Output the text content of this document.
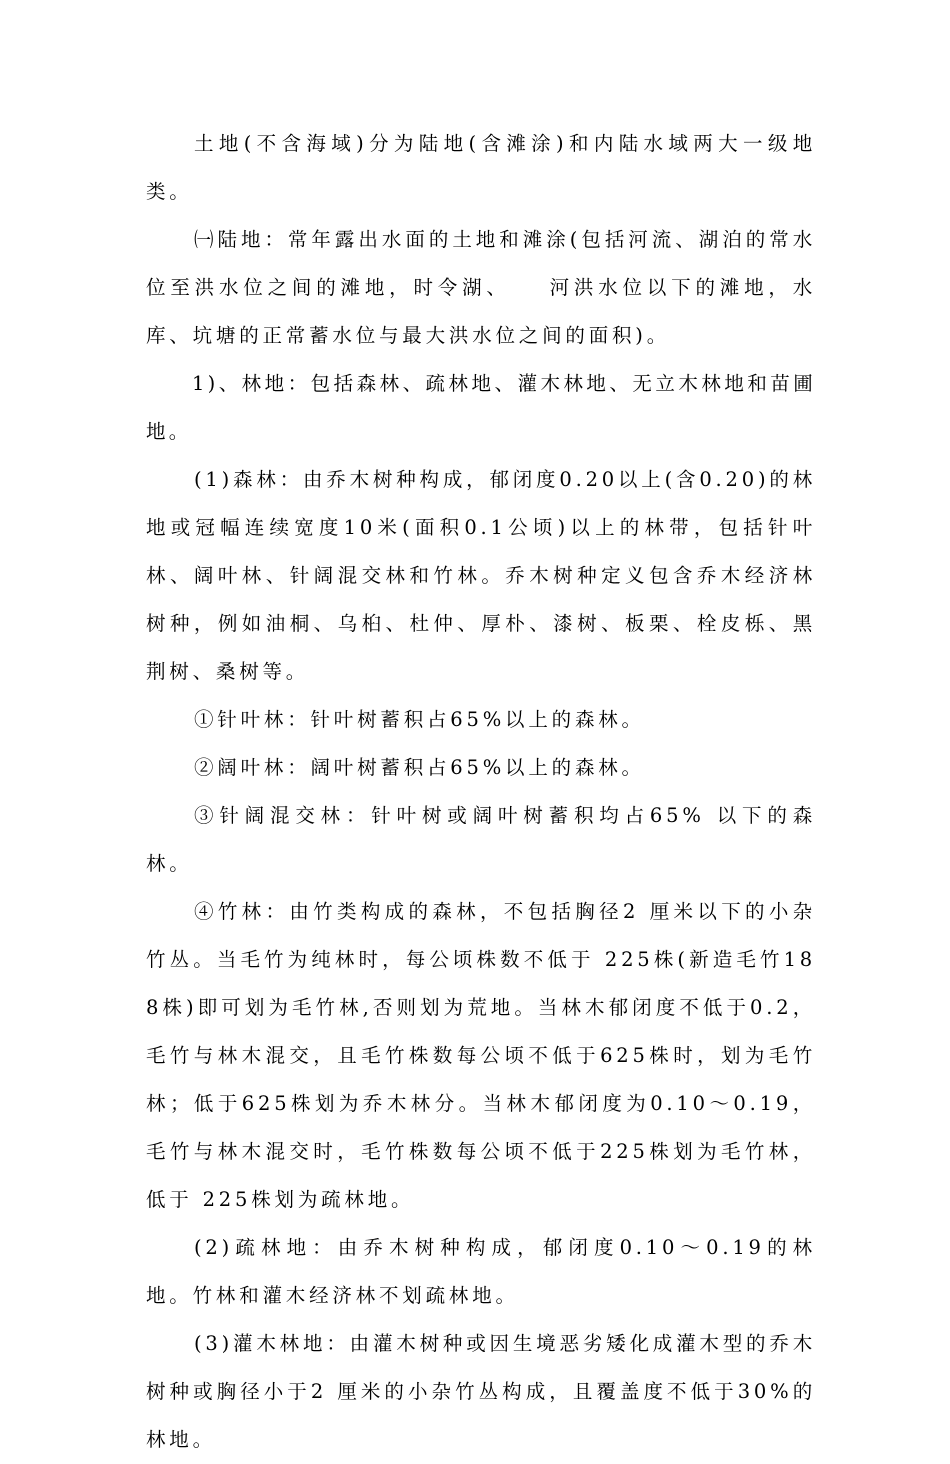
土地(不含海域)分为陆地(含滩涂)和内陆水域两大一级地类。

㈠陆地：常年露出水面的土地和滩涂(包括河流、湖泊的常水位至洪水位之间的滩地，时令湖、　　河洪水位以下的滩地，水库、坑塘的正常蓄水位与最大洪水位之间的面积)。

1)、林地：包括森林、疏林地、灌木林地、无立木林地和苗圃地。

(1)森林：由乔木树种构成，郁闭度0.20以上(含0.20)的林地或冠幅连续宽度10米(面积0.1公顷)以上的林带，包括针叶林、阔叶林、针阔混交林和竹林。乔木树种定义包含乔木经济林树种，例如油桐、乌桕、杜仲、厚朴、漆树、板栗、栓皮栎、黑荆树、桑树等。

①针叶林：针叶树蓄积占65%以上的森林。

②阔叶林：阔叶树蓄积占65%以上的森林。

③针阔混交林：针叶树或阔叶树蓄积均占65% 以下的森林。

④竹林：由竹类构成的森林，不包括胸径2 厘米以下的小杂竹丛。当毛竹为纯林时，每公顷株数不低于 225株(新造毛竹188株)即可划为毛竹林,否则划为荒地。当林木郁闭度不低于0.2，毛竹与林木混交，且毛竹株数每公顷不低于625株时，划为毛竹林；低于625株划为乔木林分。当林木郁闭度为0.10～0.19，毛竹与林木混交时，毛竹株数每公顷不低于225株划为毛竹林，低于 225株划为疏林地。

(2)疏林地：由乔木树种构成，郁闭度0.10～0.19的林地。竹林和灌木经济林不划疏林地。

(3)灌木林地：由灌木树种或因生境恶劣矮化成灌木型的乔木树种或胸径小于2 厘米的小杂竹丛构成，且覆盖度不低于30%的林地。
